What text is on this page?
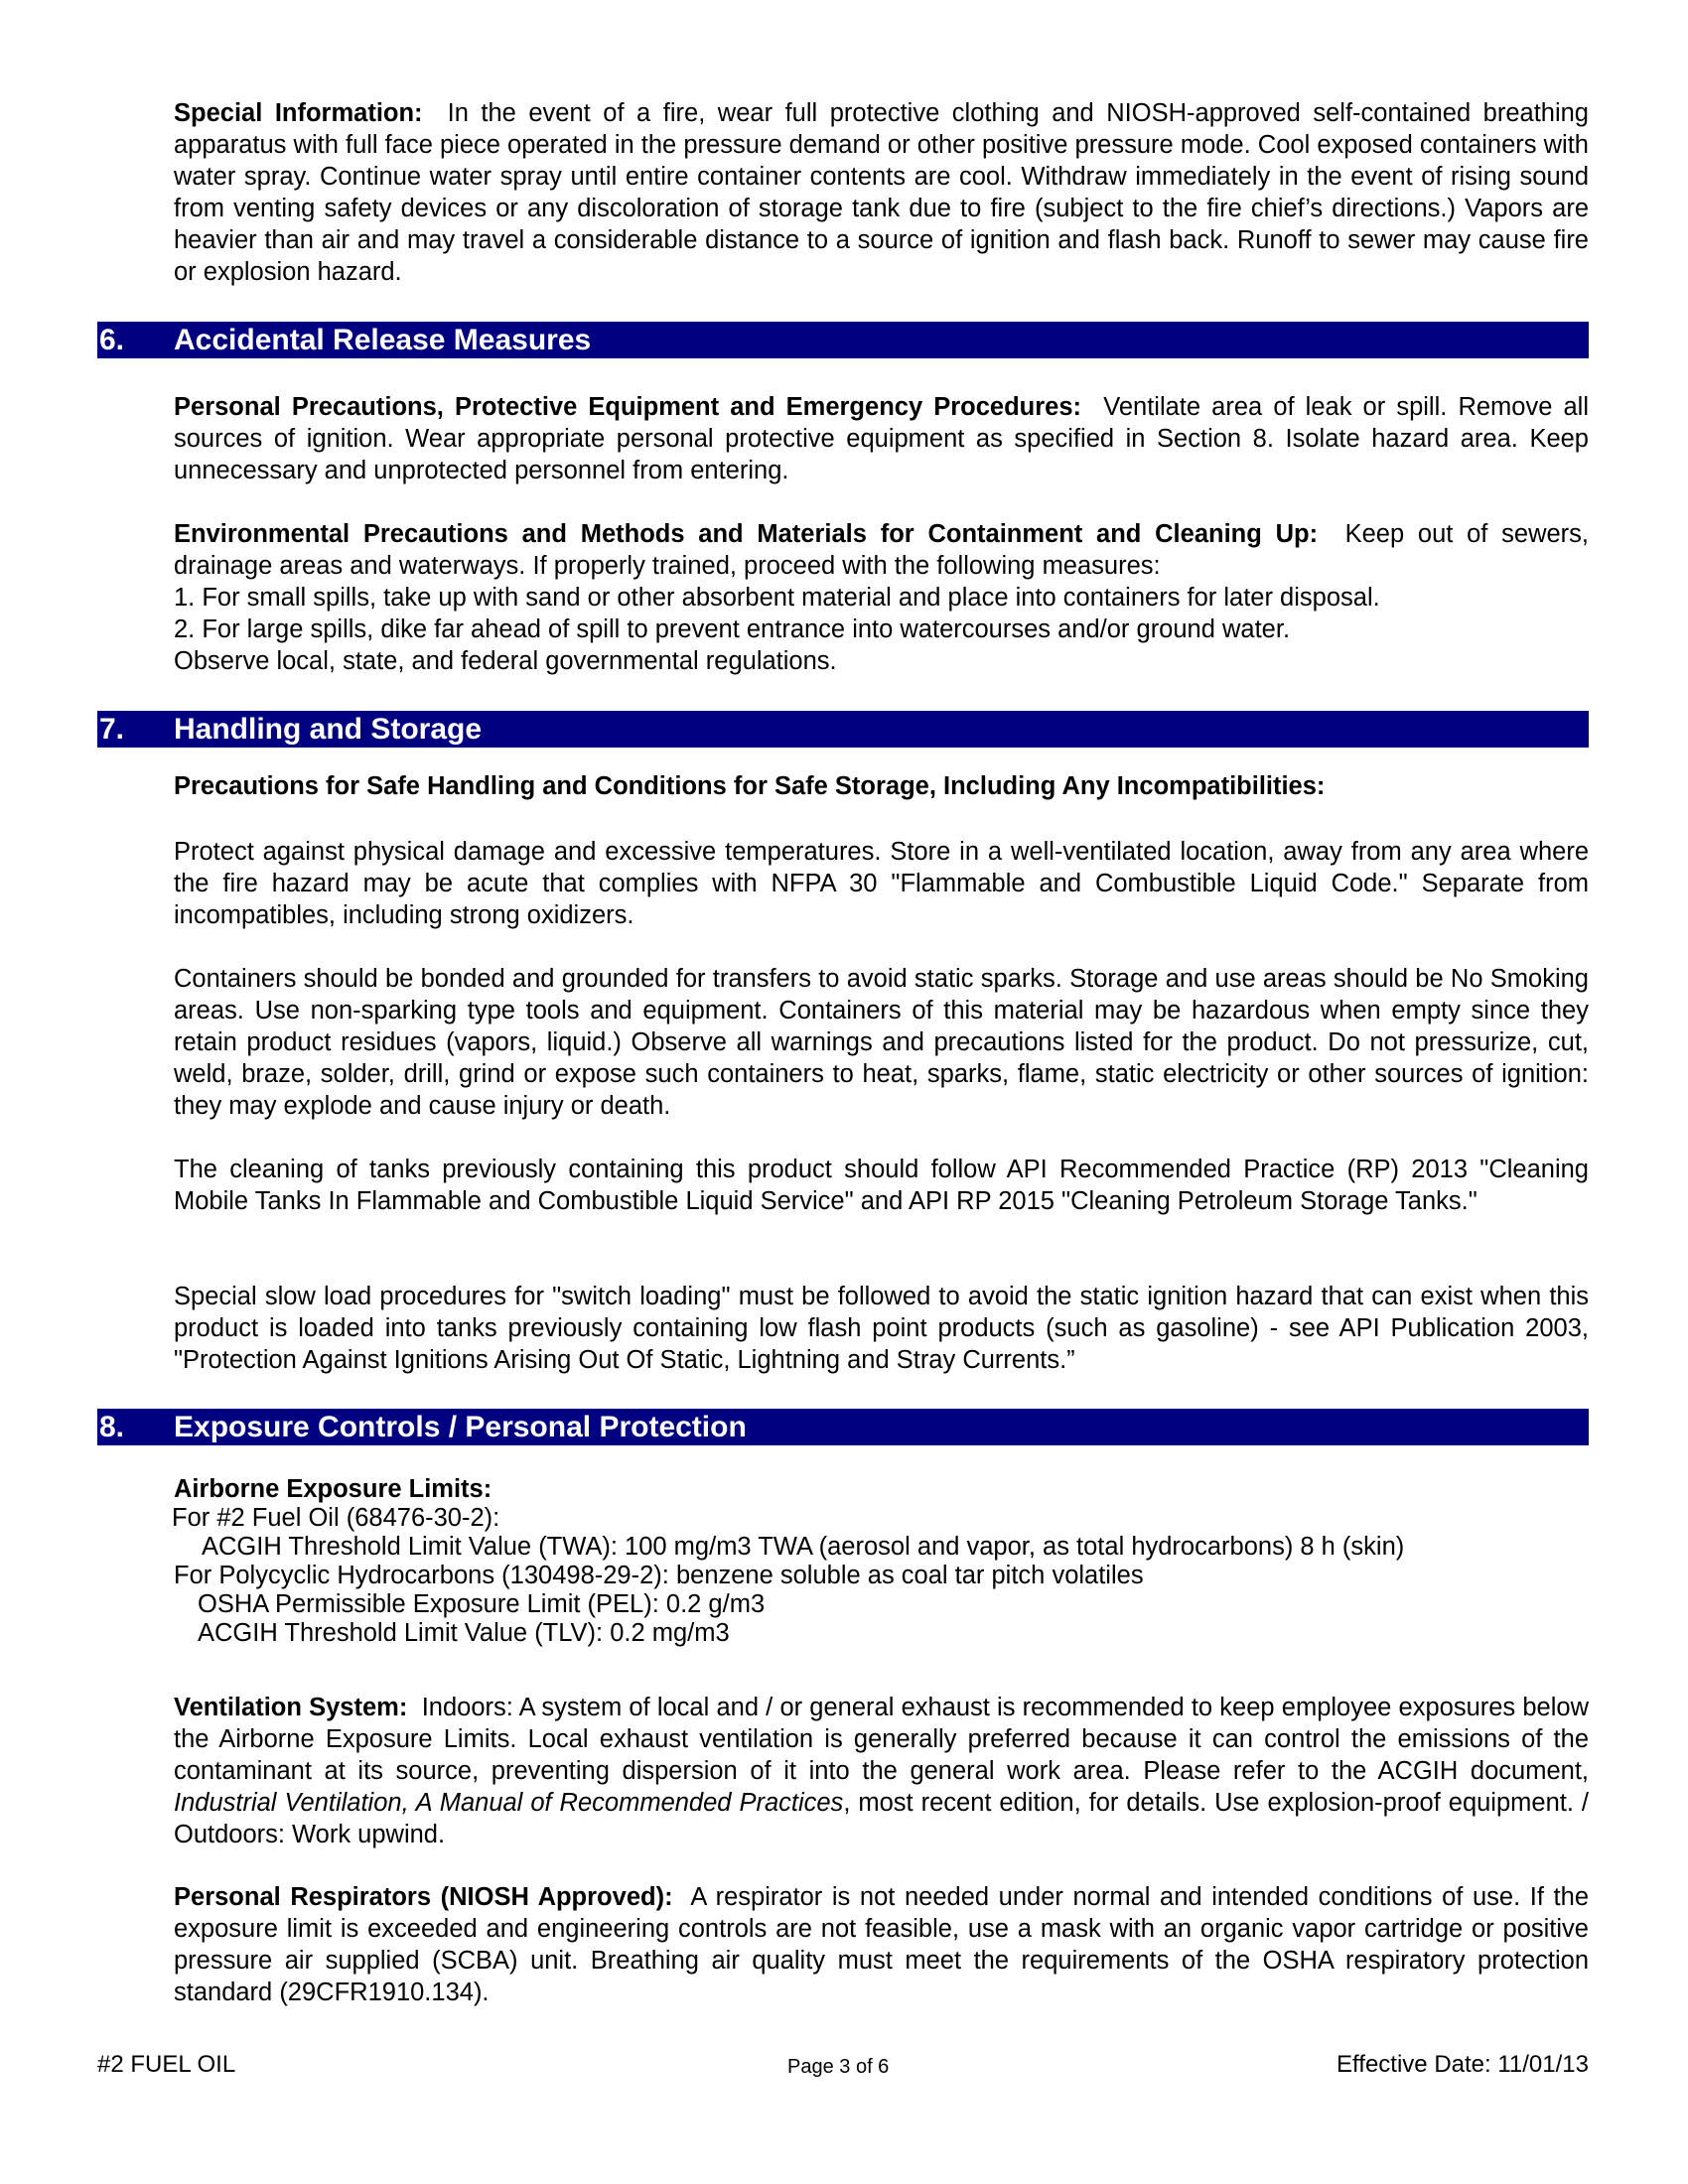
Special Information: In the event of a fire, wear full protective clothing and NIOSH-approved self-contained breathing apparatus with full face piece operated in the pressure demand or other positive pressure mode. Cool exposed containers with water spray. Continue water spray until entire container contents are cool. Withdraw immediately in the event of rising sound from venting safety devices or any discoloration of storage tank due to fire (subject to the fire chief’s directions.) Vapors are heavier than air and may travel a considerable distance to a source of ignition and flash back. Runoff to sewer may cause fire or explosion hazard.
6. Accidental Release Measures
Personal Precautions, Protective Equipment and Emergency Procedures: Ventilate area of leak or spill. Remove all sources of ignition. Wear appropriate personal protective equipment as specified in Section 8. Isolate hazard area. Keep unnecessary and unprotected personnel from entering.
Environmental Precautions and Methods and Materials for Containment and Cleaning Up: Keep out of sewers, drainage areas and waterways. If properly trained, proceed with the following measures:
1. For small spills, take up with sand or other absorbent material and place into containers for later disposal.
2. For large spills, dike far ahead of spill to prevent entrance into watercourses and/or ground water.
Observe local, state, and federal governmental regulations.
7. Handling and Storage
Precautions for Safe Handling and Conditions for Safe Storage, Including Any Incompatibilities:
Protect against physical damage and excessive temperatures. Store in a well-ventilated location, away from any area where the fire hazard may be acute that complies with NFPA 30 "Flammable and Combustible Liquid Code." Separate from incompatibles, including strong oxidizers.
Containers should be bonded and grounded for transfers to avoid static sparks. Storage and use areas should be No Smoking areas. Use non-sparking type tools and equipment. Containers of this material may be hazardous when empty since they retain product residues (vapors, liquid.) Observe all warnings and precautions listed for the product. Do not pressurize, cut, weld, braze, solder, drill, grind or expose such containers to heat, sparks, flame, static electricity or other sources of ignition: they may explode and cause injury or death.
The cleaning of tanks previously containing this product should follow API Recommended Practice (RP) 2013 "Cleaning Mobile Tanks In Flammable and Combustible Liquid Service" and API RP 2015 "Cleaning Petroleum Storage Tanks."
Special slow load procedures for "switch loading" must be followed to avoid the static ignition hazard that can exist when this product is loaded into tanks previously containing low flash point products (such as gasoline) - see API Publication 2003, "Protection Against Ignitions Arising Out Of Static, Lightning and Stray Currents.”
8. Exposure Controls / Personal Protection
Airborne Exposure Limits:
For #2 Fuel Oil (68476-30-2):
ACGIH Threshold Limit Value (TWA): 100 mg/m3 TWA (aerosol and vapor, as total hydrocarbons) 8 h (skin)
For Polycyclic Hydrocarbons (130498-29-2): benzene soluble as coal tar pitch volatiles
OSHA Permissible Exposure Limit (PEL): 0.2 g/m3
ACGIH Threshold Limit Value (TLV): 0.2 mg/m3
Ventilation System: Indoors: A system of local and / or general exhaust is recommended to keep employee exposures below the Airborne Exposure Limits. Local exhaust ventilation is generally preferred because it can control the emissions of the contaminant at its source, preventing dispersion of it into the general work area. Please refer to the ACGIH document, Industrial Ventilation, A Manual of Recommended Practices, most recent edition, for details. Use explosion-proof equipment. / Outdoors: Work upwind.
Personal Respirators (NIOSH Approved): A respirator is not needed under normal and intended conditions of use. If the exposure limit is exceeded and engineering controls are not feasible, use a mask with an organic vapor cartridge or positive pressure air supplied (SCBA) unit. Breathing air quality must meet the requirements of the OSHA respiratory protection standard (29CFR1910.134).
#2 FUEL OIL	Page 3 of 6	Effective Date: 11/01/13
